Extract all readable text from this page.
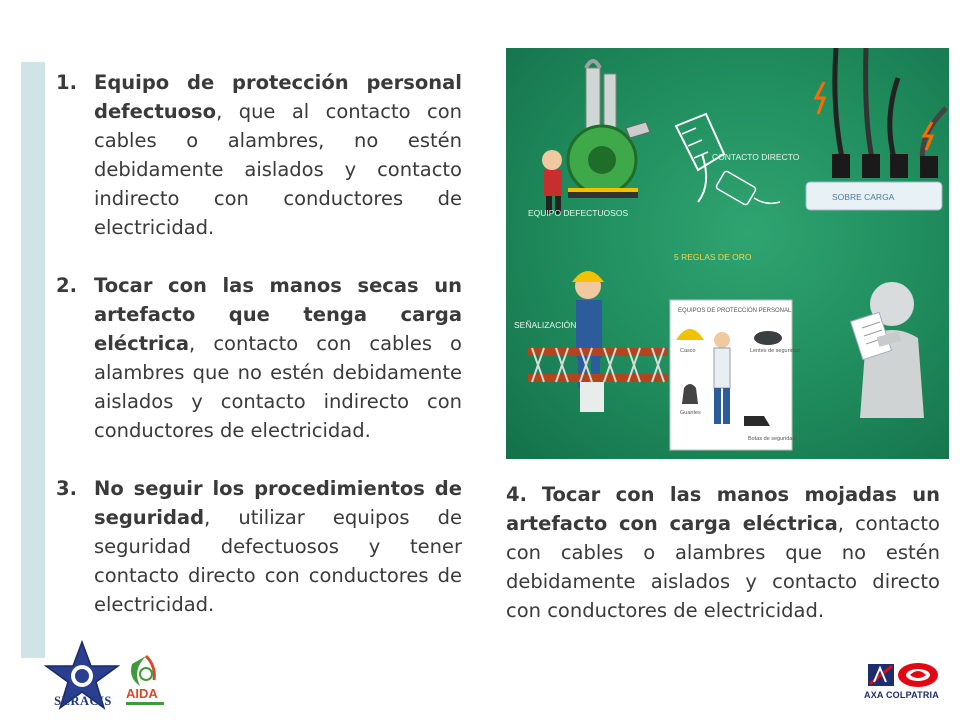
1. Equipo de protección personal defectuoso, que al contacto con cables o alambres, no estén debidamente aislados y contacto indirecto con conductores de electricidad.
2. Tocar con las manos secas un artefacto que tenga carga eléctrica, contacto con cables o alambres que no estén debidamente aislados y contacto indirecto con conductores de electricidad.
3. No seguir los procedimientos de seguridad, utilizar equipos de seguridad defectuosos y tener contacto directo con conductores de electricidad.
EQUIPO DEFECTUOSOS
CONTACTO DIRECTO
SOBRE CARGA
5 REGLAS DE ORO
SEÑALIZACIÓN
EQUIPOS DE PROTECCIÓN PERSONAL
Casco	Lentes de seguridad
Guantes
Botas de seguridad
4. Tocar con las manos mojadas un artefacto con carga eléctrica, contacto con cables o alambres que no estén debidamente aislados y contacto directo con conductores de electricidad.
SERACIS	AIDA	AXA COLPATRIA
